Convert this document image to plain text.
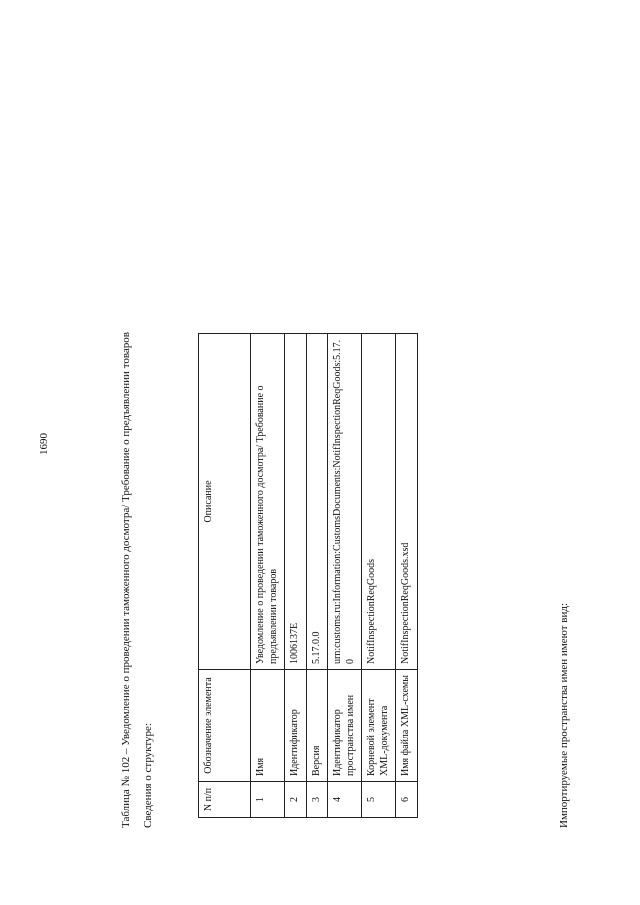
1690	Таблица № 102 – Уведомление о проведении таможенного досмотра/ Требование о предъявлении товаров Сведения о структуре:	N п/п	Обозначение элемента	Описание
1	Имя	Уведомление о проведении таможенного досмотра/ Требование о предъявлении товаров
2	Идентификатор	1006137E
3	Версия	5.17.0.0
4	Идентификатор пространства имен	urn:customs.ru:Information:CustomsDocuments:NotifInspectionReqGoods:5.17.0
5	Корневой элемент XML-документа	NotifInspectionReqGoods
6	Имя файла XML-схемы	NotifInspectionReqGoods.xsd	Импортируемые пространства имен имеют вид:
